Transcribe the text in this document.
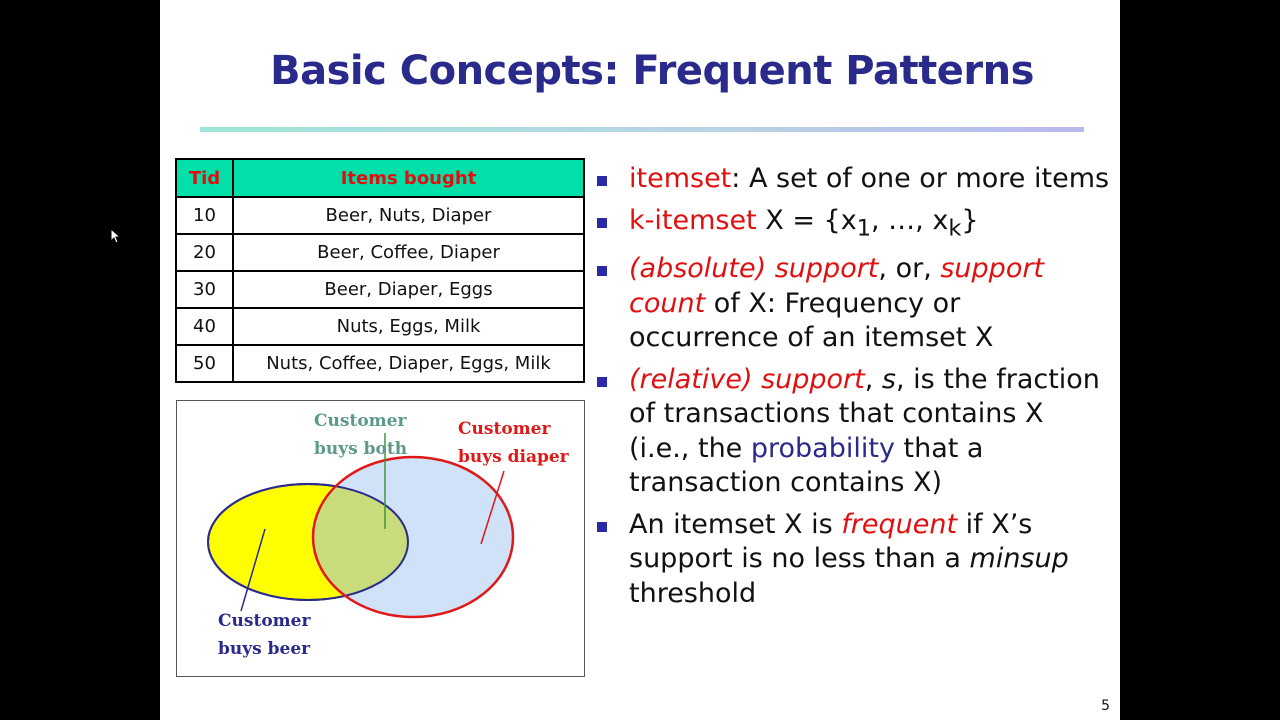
Basic Concepts: Frequent Patterns
Tid	Items bought
10	Beer, Nuts, Diaper
20	Beer, Coffee, Diaper
30	Beer, Diaper, Eggs
40	Nuts, Eggs, Milk
50	Nuts, Coffee, Diaper, Eggs, Milk
Customer
buys both
Customer
buys diaper
Customer
buys beer
itemset: A set of one or more items
k-itemset $X = \{x_1$, …, $x_k$}
(absolute) support, or, support count of X: Frequency or occurrence of an itemset X
(relative) support, s, is the fraction of transactions that contains X (i.e., the probability that a transaction contains X)
An itemset X is frequent if X’s support is no less than a minsup threshold
5
